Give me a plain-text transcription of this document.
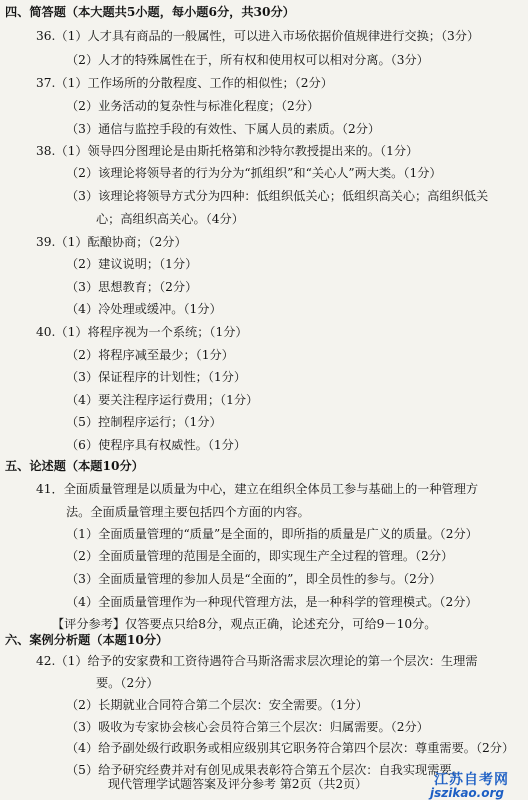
四、简答题（本大题共5小题，每小题6分，共30分）
36.（1）人才具有商品的一般属性，可以进入市场依据价值规律进行交换；（3分）
（2）人才的特殊属性在于，所有权和使用权可以相对分离。（3分）
37.（1）工作场所的分散程度、工作的相似性；（2分）
（2）业务活动的复杂性与标准化程度；（2分）
（3）通信与监控手段的有效性、下属人员的素质。（2分）
38.（1）领导四分图理论是由斯托格第和沙特尔教授提出来的。（1分）
（2）该理论将领导者的行为分为“抓组织”和“关心人”两大类。（1分）
（3）该理论将领导方式分为四种：低组织低关心；低组织高关心；高组织低关
心；高组织高关心。（4分）
39.（1）酝酿协商；（2分）
（2）建议说明；（1分）
（3）思想教育；（2分）
（4）冷处理或缓冲。（1分）
40.（1）将程序视为一个系统；（1分）
（2）将程序减至最少；（1分）
（3）保证程序的计划性；（1分）
（4）要关注程序运行费用；（1分）
（5）控制程序运行；（1分）
（6）使程序具有权威性。（1分）
五、论述题（本题10分）
41．全面质量管理是以质量为中心，建立在组织全体员工参与基础上的一种管理方
法。全面质量管理主要包括四个方面的内容。
（1）全面质量管理的“质量”是全面的，即所指的质量是广义的质量。（2分）
（2）全面质量管理的范围是全面的，即实现生产全过程的管理。（2分）
（3）全面质量管理的参加人员是“全面的”，即全员性的参与。（2分）
（4）全面质量管理作为一种现代管理方法，是一种科学的管理模式。（2分）
【评分参考】仅答要点只给8分，观点正确，论述充分，可给9－10分。
六、案例分析题（本题10分）
42.（1）给予的安家费和工资待遇符合马斯洛需求层次理论的第一个层次：生理需
要。（2分）
（2）长期就业合同符合第二个层次：安全需要。（1分）
（3）吸收为专家协会核心会员符合第三个层次：归属需要。（2分）
（4）给予副处级行政职务或相应级别其它职务符合第四个层次：尊重需要。（2分）
（5）给予研究经费并对有创见成果表彰符合第五个层次：自我实现需要。
现代管理学试题答案及评分参考 第2页（共2页）	江苏自考网
jszikao.org
